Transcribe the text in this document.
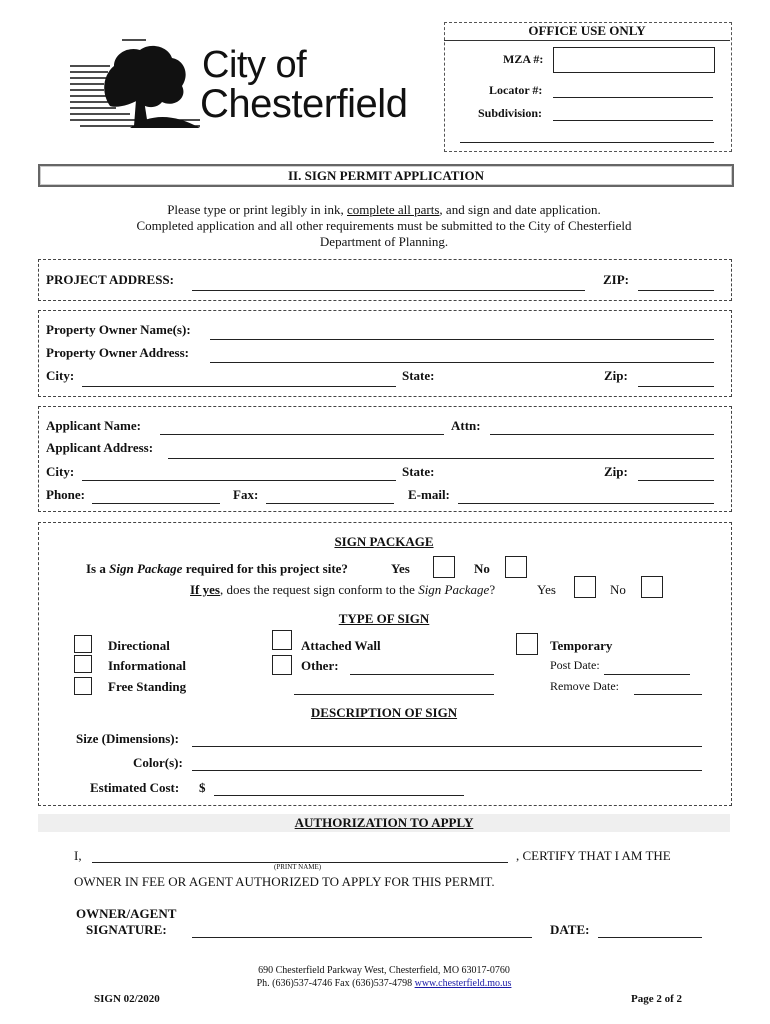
City of
Chesterfield
OFFICE USE ONLY
MZA #:
Locator #:
Subdivision:
II. SIGN PERMIT APPLICATION
Please type or print legibly in ink, complete all parts, and sign and date application.
Completed application and all other requirements must be submitted to the City of Chesterfield
Department of Planning.
PROJECT ADDRESS:	ZIP:
Property Owner Name(s):
Property Owner Address:
City:	State:	Zip:
Applicant Name:	Attn:
Applicant Address:
City:	State:	Zip:
Phone:	Fax:	E-mail:
SIGN PACKAGE
Is a Sign Package required for this project site?	Yes	No
If yes, does the request sign conform to the Sign Package?	Yes	No
TYPE OF SIGN
Directional
Informational
Free Standing
Attached Wall
Other:
Temporary
Post Date:
Remove Date:
DESCRIPTION OF SIGN
Size (Dimensions):
Color(s):
Estimated Cost: $
AUTHORIZATION TO APPLY
I,
(PRINT NAME)
, CERTIFY THAT I AM THE
OWNER IN FEE OR AGENT AUTHORIZED TO APPLY FOR THIS PERMIT.
OWNER/AGENT
SIGNATURE:	DATE:
690 Chesterfield Parkway West, Chesterfield, MO 63017-0760
Ph. (636)537-4746 Fax (636)537-4798 www.chesterfield.mo.us
SIGN 02/2020	Page 2 of 2
